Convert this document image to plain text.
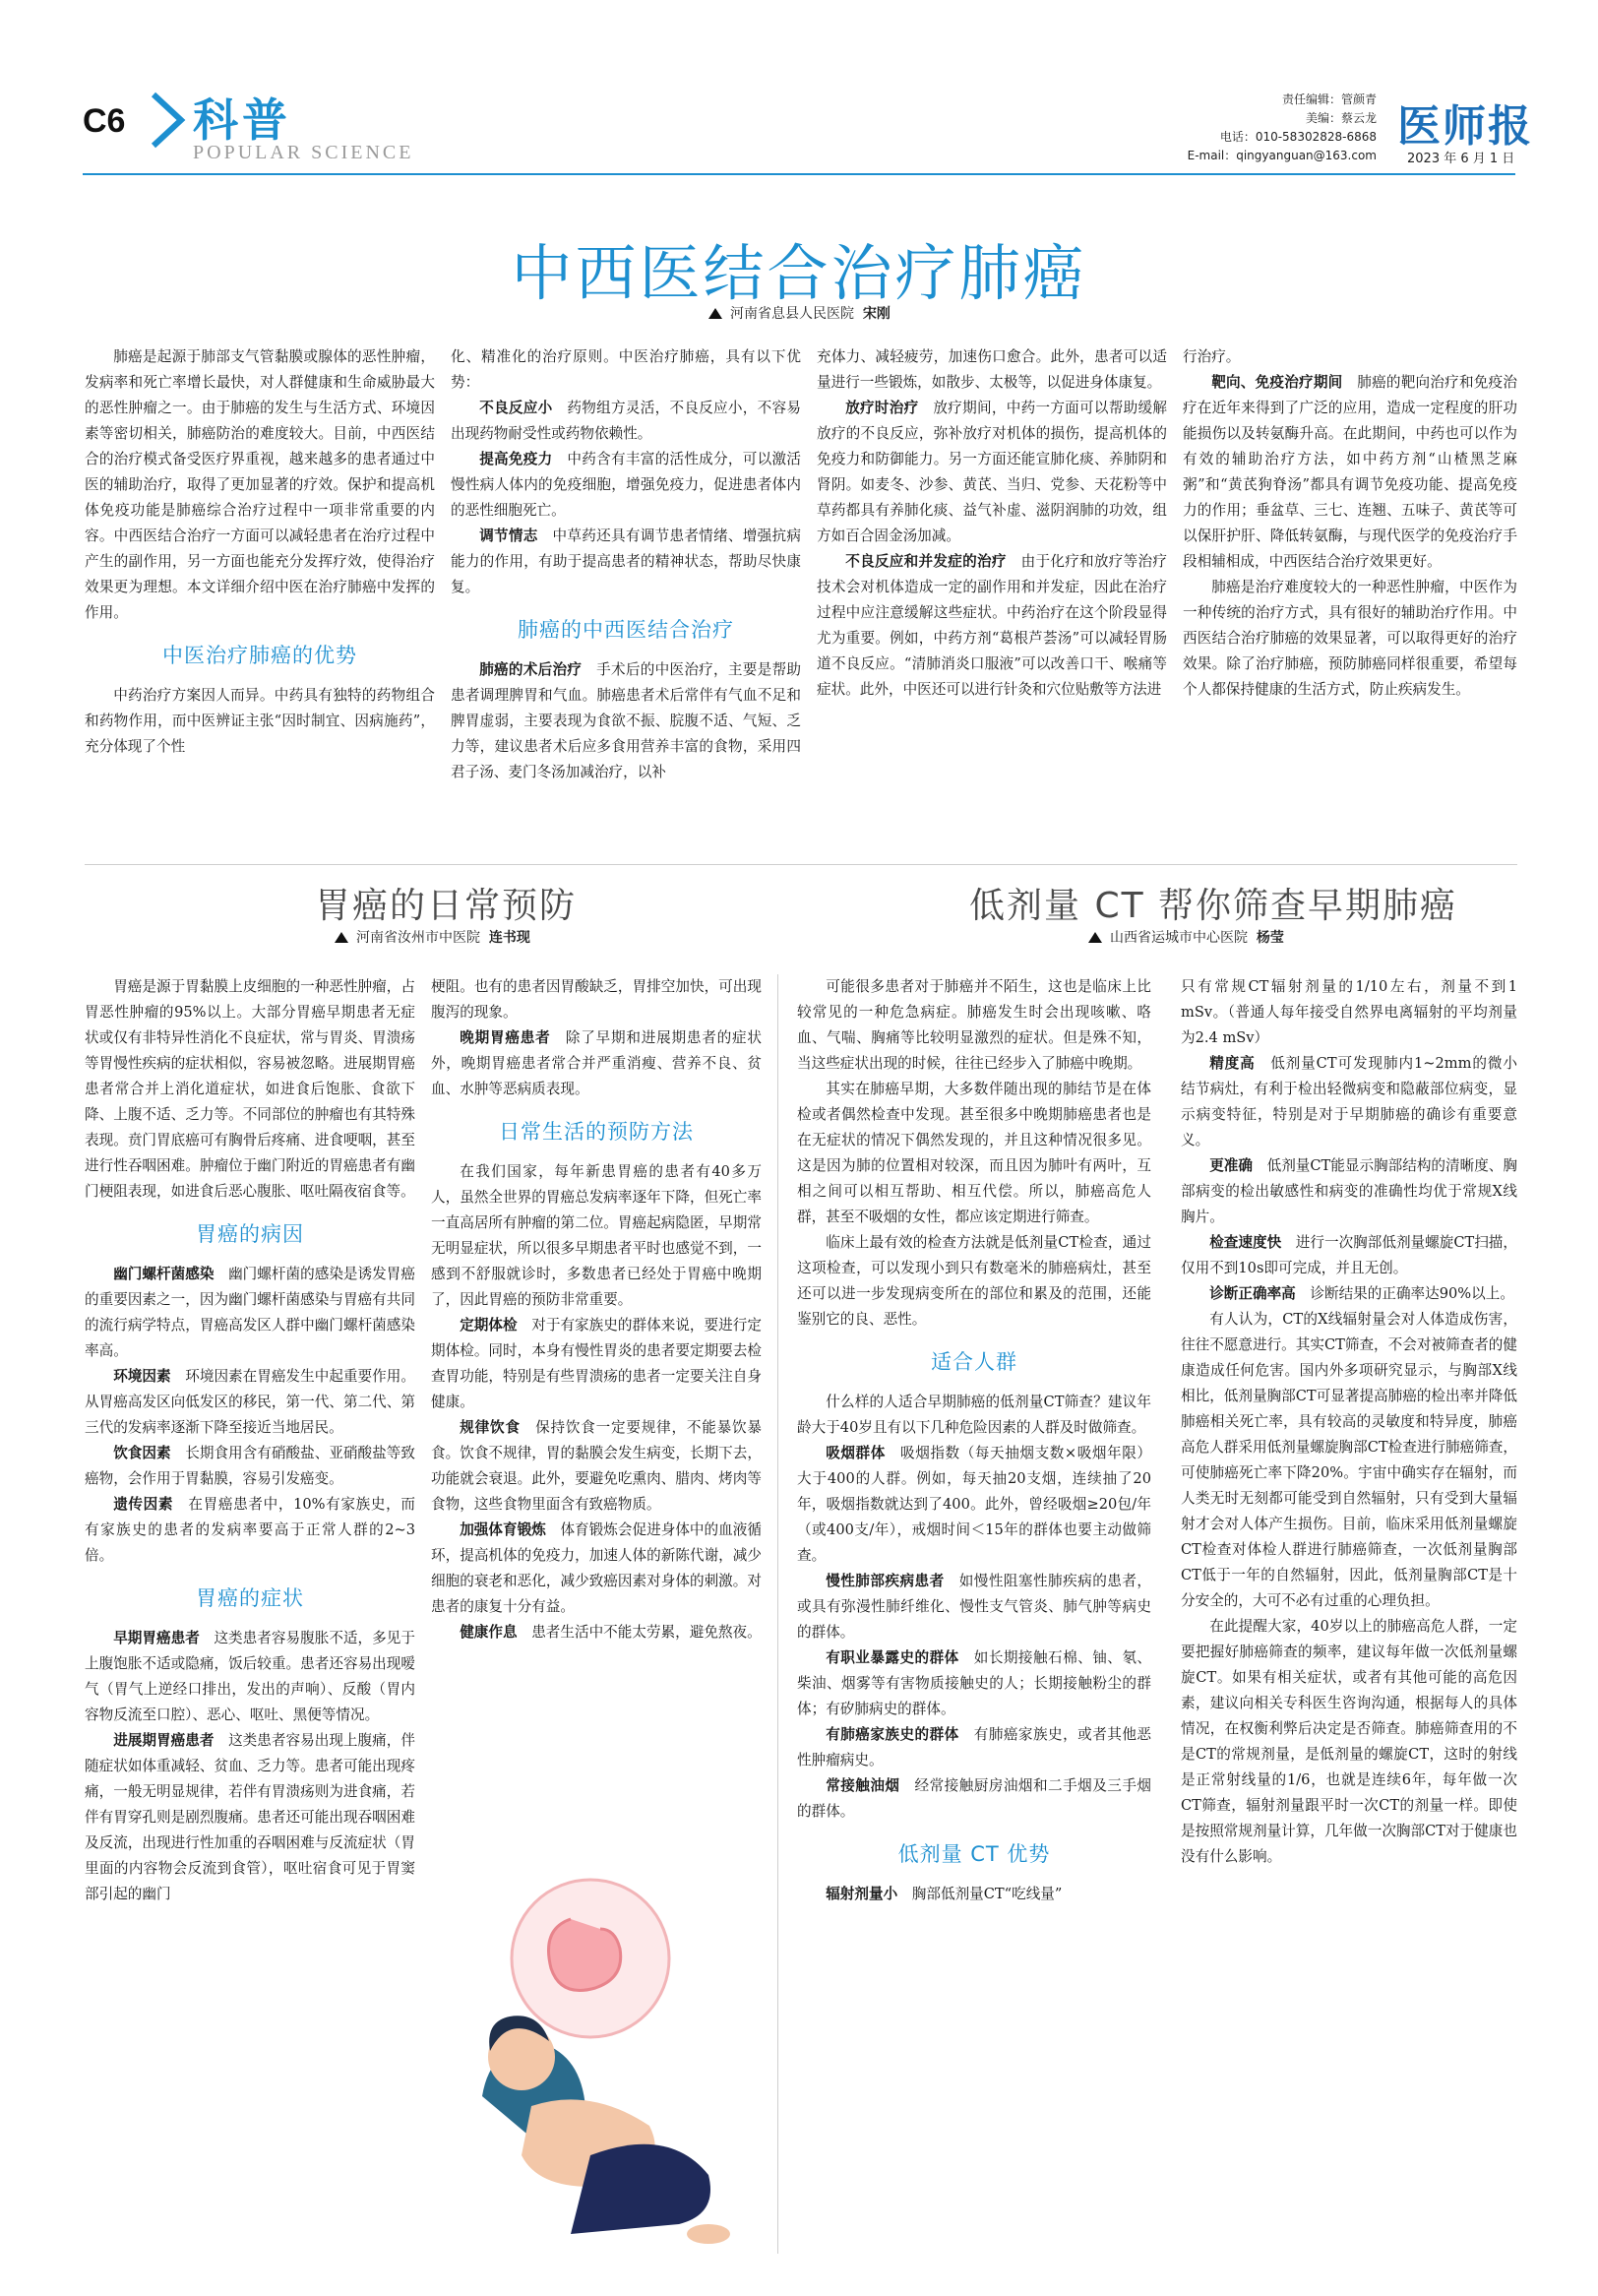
C6 科普
POPULAR SCIENCE
责任编辑：管颜青
美编：蔡云龙
电话：010-58302828-6868
E-mail：qingyanguan@163.com
医师报
2023 年 6 月 1 日
中西医结合治疗肺癌
河南省息县人民医院 宋刚

肺癌是起源于肺部支气管黏膜或腺体的恶性肿瘤，发病率和死亡率增长最快，对人群健康和生命威胁最大的恶性肿瘤之一。由于肺癌的发生与生活方式、环境因素等密切相关，肺癌防治的难度较大。目前，中西医结合的治疗模式备受医疗界重视，越来越多的患者通过中医的辅助治疗，取得了更加显著的疗效。保护和提高机体免疫功能是肺癌综合治疗过程中一项非常重要的内容。中西医结合治疗一方面可以减轻患者在治疗过程中产生的副作用，另一方面也能充分发挥疗效，使得治疗效果更为理想。本文详细介绍中医在治疗肺癌中发挥的作用。

中医治疗肺癌的优势

中药治疗方案因人而异。中药具有独特的药物组合和药物作用，而中医辨证主张“因时制宜、因病施药”，充分体现了个性

化、精准化的治疗原则。中医治疗肺癌，具有以下优势：

不良反应小　 药物组方灵活，不良反应小，不容易出现药物耐受性或药物依赖性。

提高免疫力　 中药含有丰富的活性成分，可以激活慢性病人体内的免疫细胞，增强免疫力，促进患者体内的恶性细胞死亡。

调节情志　 中草药还具有调节患者情绪、增强抗病能力的作用，有助于提高患者的精神状态，帮助尽快康复。

肺癌的中西医结合治疗

肺癌的术后治疗　 手术后的中医治疗，主要是帮助患者调理脾胃和气血。肺癌患者术后常伴有气血不足和脾胃虚弱，主要表现为食欲不振、脘腹不适、气短、乏力等，建议患者术后应多食用营养丰富的食物，采用四君子汤、麦门冬汤加减治疗，以补

充体力、减轻疲劳，加速伤口愈合。此外，患者可以适量进行一些锻炼，如散步、太极等，以促进身体康复。

放疗时治疗　 放疗期间，中药一方面可以帮助缓解放疗的不良反应，弥补放疗对机体的损伤，提高机体的免疫力和防御能力。另一方面还能宣肺化痰、养肺阴和肾阴。如麦冬、沙参、黄芪、当归、党参、天花粉等中草药都具有养肺化痰、益气补虚、滋阴润肺的功效，组方如百合固金汤加减。

不良反应和并发症的治疗　 由于化疗和放疗等治疗技术会对机体造成一定的副作用和并发症，因此在治疗过程中应注意缓解这些症状。中药治疗在这个阶段显得尤为重要。例如，中药方剂“葛根芦荟汤”可以减轻胃肠道不良反应。“清肺消炎口服液”可以改善口干、喉痛等症状。此外，中医还可以进行针灸和穴位贴敷等方法进

行治疗。

靶向、免疫治疗期间　 肺癌的靶向治疗和免疫治疗在近年来得到了广泛的应用，造成一定程度的肝功能损伤以及转氨酶升高。在此期间，中药也可以作为有效的辅助治疗方法，如中药方剂“山楂黑芝麻粥”和“黄芪狗脊汤”都具有调节免疫功能、提高免疫力的作用；垂盆草、三七、连翘、五味子、黄芪等可以保肝护肝、降低转氨酶，与现代医学的免疫治疗手段相辅相成，中西医结合治疗效果更好。

肺癌是治疗难度较大的一种恶性肿瘤，中医作为一种传统的治疗方式，具有很好的辅助治疗作用。中西医结合治疗肺癌的效果显著，可以取得更好的治疗效果。除了治疗肺癌，预防肺癌同样很重要，希望每个人都保持健康的生活方式，防止疾病发生。

胃癌的日常预防
河南省汝州市中医院 连书现

胃癌是源于胃黏膜上皮细胞的一种恶性肿瘤，占胃恶性肿瘤的95%以上。大部分胃癌早期患者无症状或仅有非特异性消化不良症状，常与胃炎、胃溃疡等胃慢性疾病的症状相似，容易被忽略。进展期胃癌患者常合并上消化道症状，如进食后饱胀、食欲下降、上腹不适、乏力等。不同部位的肿瘤也有其特殊表现。贲门胃底癌可有胸骨后疼痛、进食哽咽，甚至进行性吞咽困难。肿瘤位于幽门附近的胃癌患者有幽门梗阻表现，如进食后恶心腹胀、呕吐隔夜宿食等。

胃癌的病因

幽门螺杆菌感染　 幽门螺杆菌的感染是诱发胃癌的重要因素之一，因为幽门螺杆菌感染与胃癌有共同的流行病学特点，胃癌高发区人群中幽门螺杆菌感染率高。

环境因素　 环境因素在胃癌发生中起重要作用。从胃癌高发区向低发区的移民，第一代、第二代、第三代的发病率逐渐下降至接近当地居民。

饮食因素　 长期食用含有硝酸盐、亚硝酸盐等致癌物，会作用于胃黏膜，容易引发癌变。

遗传因素　 在胃癌患者中，10%有家族史，而有家族史的患者的发病率要高于正常人群的2~3倍。

胃癌的症状

早期胃癌患者　 这类患者容易腹胀不适，多见于上腹饱胀不适或隐痛，饭后较重。患者还容易出现嗳气（胃气上逆经口排出，发出的声响）、反酸（胃内容物反流至口腔）、恶心、呕吐、黑便等情况。

进展期胃癌患者　 这类患者容易出现上腹痛，伴随症状如体重减轻、贫血、乏力等。患者可能出现疼痛，一般无明显规律，若伴有胃溃疡则为进食痛，若伴有胃穿孔则是剧烈腹痛。患者还可能出现吞咽困难及反流，出现进行性加重的吞咽困难与反流症状（胃里面的内容物会反流到食管），呕吐宿食可见于胃窦部引起的幽门

梗阻。也有的患者因胃酸缺乏，胃排空加快，可出现腹泻的现象。

晚期胃癌患者　 除了早期和进展期患者的症状外，晚期胃癌患者常合并严重消瘦、营养不良、贫血、水肿等恶病质表现。

日常生活的预防方法

在我们国家，每年新患胃癌的患者有40多万人，虽然全世界的胃癌总发病率逐年下降，但死亡率一直高居所有肿瘤的第二位。胃癌起病隐匿，早期常无明显症状，所以很多早期患者平时也感觉不到，一感到不舒服就诊时，多数患者已经处于胃癌中晚期了，因此胃癌的预防非常重要。

定期体检　 对于有家族史的群体来说，要进行定期体检。同时，本身有慢性胃炎的患者要定期要去检查胃功能，特别是有些胃溃疡的患者一定要关注自身健康。

规律饮食　 保持饮食一定要规律，不能暴饮暴食。饮食不规律，胃的黏膜会发生病变，长期下去，功能就会衰退。此外，要避免吃熏肉、腊肉、烤肉等食物，这些食物里面含有致癌物质。

加强体育锻炼　 体育锻炼会促进身体中的血液循环，提高机体的免疫力，加速人体的新陈代谢，减少细胞的衰老和恶化，减少致癌因素对身体的刺激。对患者的康复十分有益。

健康作息　 患者生活中不能太劳累，避免熬夜。

低剂量 CT 帮你筛查早期肺癌
山西省运城市中心医院 杨莹

可能很多患者对于肺癌并不陌生，这也是临床上比较常见的一种危急病症。肺癌发生时会出现咳嗽、咯血、气喘、胸痛等比较明显激烈的症状。但是殊不知，当这些症状出现的时候，往往已经步入了肺癌中晚期。

其实在肺癌早期，大多数伴随出现的肺结节是在体检或者偶然检查中发现。甚至很多中晚期肺癌患者也是在无症状的情况下偶然发现的，并且这种情况很多见。这是因为肺的位置相对较深，而且因为肺叶有两叶，互相之间可以相互帮助、相互代偿。所以，肺癌高危人群，甚至不吸烟的女性，都应该定期进行筛查。

临床上最有效的检查方法就是低剂量CT检查，通过这项检查，可以发现小到只有数毫米的肺癌病灶，甚至还可以进一步发现病变所在的部位和累及的范围，还能鉴别它的良、恶性。

适合人群

什么样的人适合早期肺癌的低剂量CT筛查？建议年龄大于40岁且有以下几种危险因素的人群及时做筛查。

吸烟群体　 吸烟指数（每天抽烟支数×吸烟年限）大于400的人群。例如，每天抽20支烟，连续抽了20年，吸烟指数就达到了400。此外，曾经吸烟≥20包/年（或400支/年），戒烟时间＜15年的群体也要主动做筛查。

慢性肺部疾病患者　 如慢性阻塞性肺疾病的患者，或具有弥漫性肺纤维化、慢性支气管炎、肺气肿等病史的群体。

有职业暴露史的群体　 如长期接触石棉、铀、氡、柴油、烟雾等有害物质接触史的人；长期接触粉尘的群体；有矽肺病史的群体。

有肺癌家族史的群体　 有肺癌家族史，或者其他恶性肿瘤病史。

常接触油烟　 经常接触厨房油烟和二手烟及三手烟的群体。

低剂量 CT 优势

辐射剂量小　 胸部低剂量CT“吃线量”

只有常规CT辐射剂量的1/10左右，剂量不到1 mSv。（普通人每年接受自然界电离辐射的平均剂量为2.4 mSv）

精度高　 低剂量CT可发现肺内1~2mm的微小结节病灶，有利于检出轻微病变和隐蔽部位病变，显示病变特征，特别是对于早期肺癌的确诊有重要意义。

更准确　 低剂量CT能显示胸部结构的清晰度、胸部病变的检出敏感性和病变的准确性均优于常规X线胸片。

检查速度快　 进行一次胸部低剂量螺旋CT扫描，仅用不到10s即可完成，并且无创。

诊断正确率高　 诊断结果的正确率达90%以上。

有人认为，CT的X线辐射量会对人体造成伤害，往往不愿意进行。其实CT筛查，不会对被筛查者的健康造成任何危害。国内外多项研究显示，与胸部X线相比，低剂量胸部CT可显著提高肺癌的检出率并降低肺癌相关死亡率，具有较高的灵敏度和特异度，肺癌高危人群采用低剂量螺旋胸部CT检查进行肺癌筛查，可使肺癌死亡率下降20%。宇宙中确实存在辐射，而人类无时无刻都可能受到自然辐射，只有受到大量辐射才会对人体产生损伤。目前，临床采用低剂量螺旋CT检查对体检人群进行肺癌筛查，一次低剂量胸部CT低于一年的自然辐射，因此，低剂量胸部CT是十分安全的，大可不必有过重的心理负担。

在此提醒大家，40岁以上的肺癌高危人群，一定要把握好肺癌筛查的频率，建议每年做一次低剂量螺旋CT。如果有相关症状，或者有其他可能的高危因素，建议向相关专科医生咨询沟通，根据每人的具体情况，在权衡利弊后决定是否筛查。肺癌筛查用的不是CT的常规剂量，是低剂量的螺旋CT，这时的射线是正常射线量的1/6，也就是连续6年，每年做一次CT筛查，辐射剂量跟平时一次CT的剂量一样。即使是按照常规剂量计算，几年做一次胸部CT对于健康也没有什么影响。
